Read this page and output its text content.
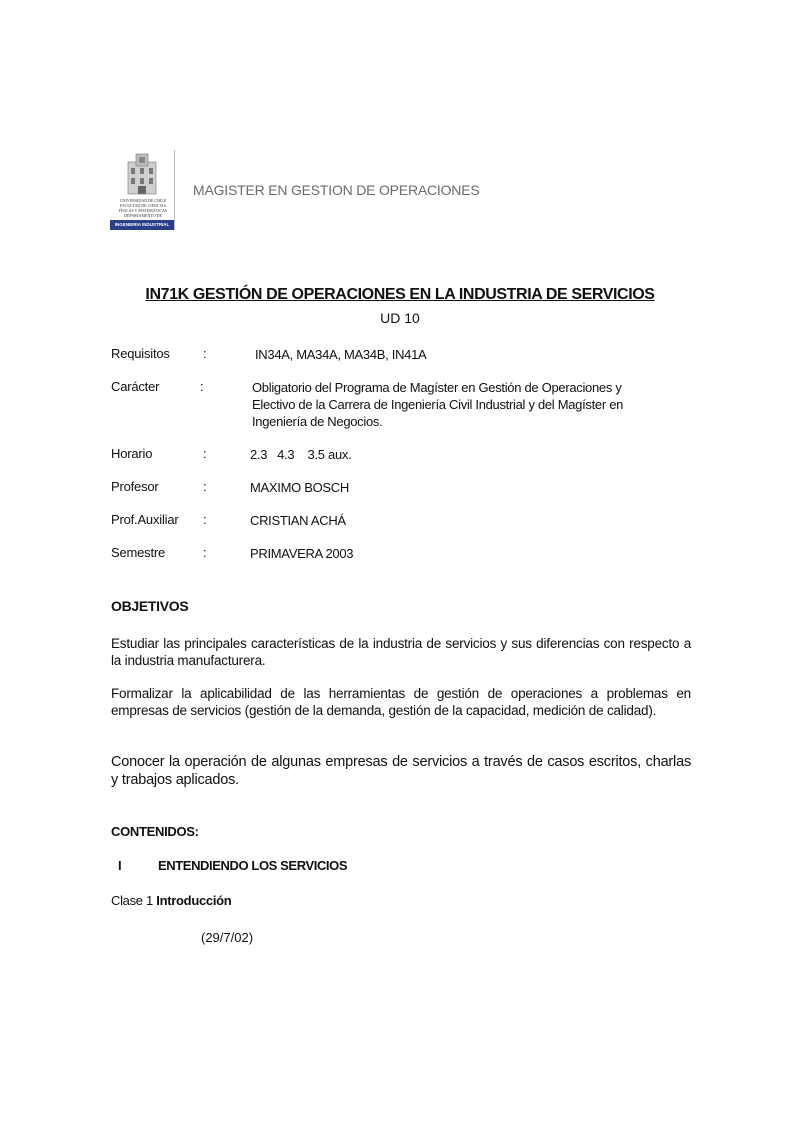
UNIVERSIDAD DE CHILE
FACULTAD DE CIENCIAS
FÍSICAS Y MATEMÁTICAS
DEPARTAMENTO DE
INGENIERIA INDUSTRIAL
MAGISTER EN GESTION DE OPERACIONES
IN71K GESTIÓN DE OPERACIONES EN LA INDUSTRIA DE SERVICIOS
UD 10
Requisitos	:	IN34A, MA34A, MA34B, IN41A
Carácter	:	Obligatorio del Programa de Magíster en Gestión de Operaciones y
Electivo de la Carrera de Ingeniería Civil Industrial y del Magíster en
Ingeniería de Negocios.
Horario	:	2.3   4.3    3.5 aux.
Profesor	:	MAXIMO BOSCH
Prof.Auxiliar :	CRISTIAN ACHÁ
Semestre	:	PRIMAVERA 2003
OBJETIVOS
Estudiar las principales características de la industria de servicios y sus diferencias con respecto a la industria manufacturera.
Formalizar la aplicabilidad de las herramientas de gestión de operaciones a problemas en empresas de servicios (gestión de la demanda, gestión de la capacidad, medición de calidad).
Conocer la operación de algunas empresas de servicios a través de casos escritos, charlas y trabajos aplicados.
CONTENIDOS:
I	ENTENDIENDO LOS SERVICIOS
Clase 1 Introducción
(29/7/02)
